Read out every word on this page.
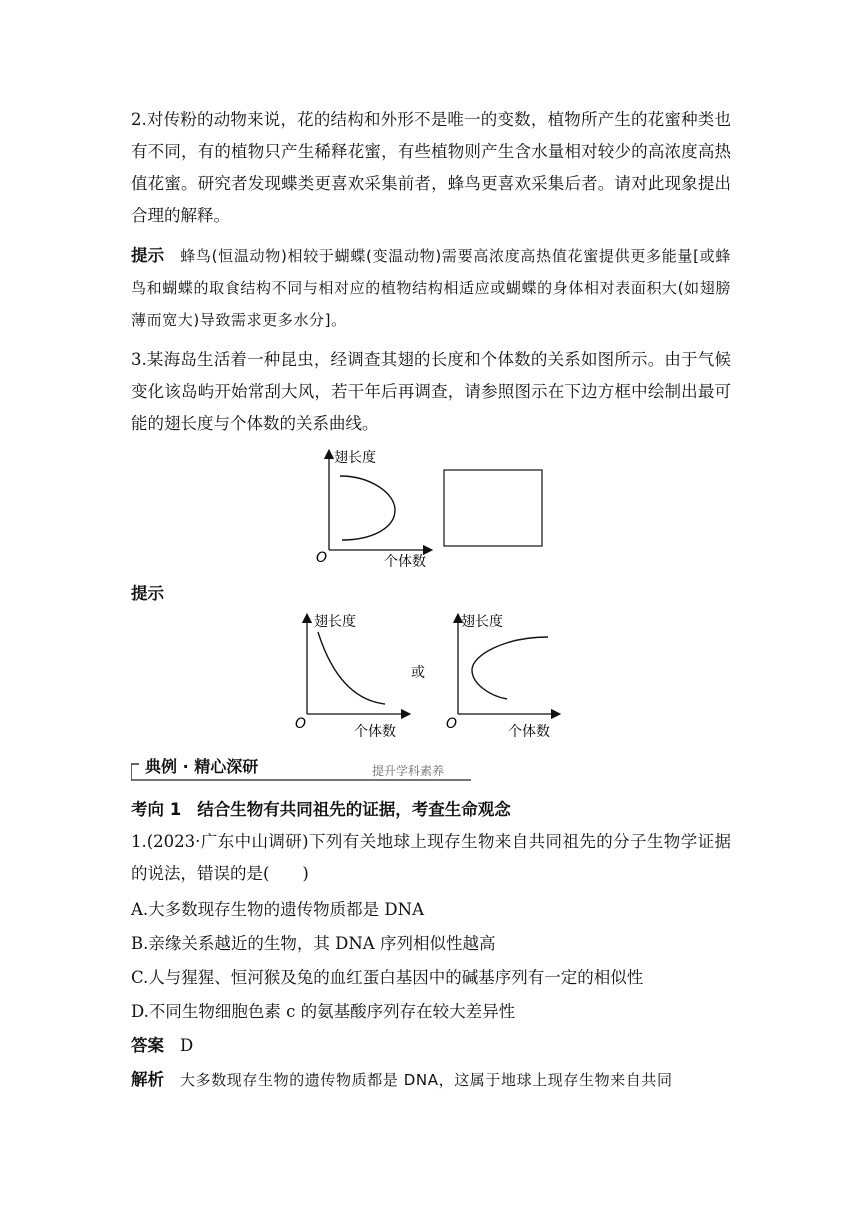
2.对传粉的动物来说，花的结构和外形不是唯一的变数，植物所产生的花蜜种类也有不同，有的植物只产生稀释花蜜，有些植物则产生含水量相对较少的高浓度高热值花蜜。研究者发现蝶类更喜欢采集前者，蜂鸟更喜欢采集后者。请对此现象提出合理的解释。

提示 蜂鸟(恒温动物)相较于蝴蝶(变温动物)需要高浓度高热值花蜜提供更多能量[或蜂鸟和蝴蝶的取食结构不同与相对应的植物结构相适应或蝴蝶的身体相对表面积大(如翅膀薄而宽大)导致需求更多水分]。

3.某海岛生活着一种昆虫，经调查其翅的长度和个体数的关系如图所示。由于气候变化该岛屿开始常刮大风，若干年后再调查，请参照图示在下边方框中绘制出最可能的翅长度与个体数的关系曲线。

翅长度
个体数
O
提示
翅长度
个体数
O
或
翅长度
个体数
O
典例 · 精心深研	提升学科素养
考向 1 结合生物有共同祖先的证据，考查生命观念

1.(2023·广东中山调研)下列有关地球上现存生物来自共同祖先的分子生物学证据的说法，错误的是(　　)

A.大多数现存生物的遗传物质都是 DNA
B.亲缘关系越近的生物，其 DNA 序列相似性越高
C.人与猩猩、恒河猴及兔的血红蛋白基因中的碱基序列有一定的相似性
D.不同生物细胞色素 c 的氨基酸序列存在较大差异性
答案 D
解析 大多数现存生物的遗传物质都是 DNA，这属于地球上现存生物来自共同
